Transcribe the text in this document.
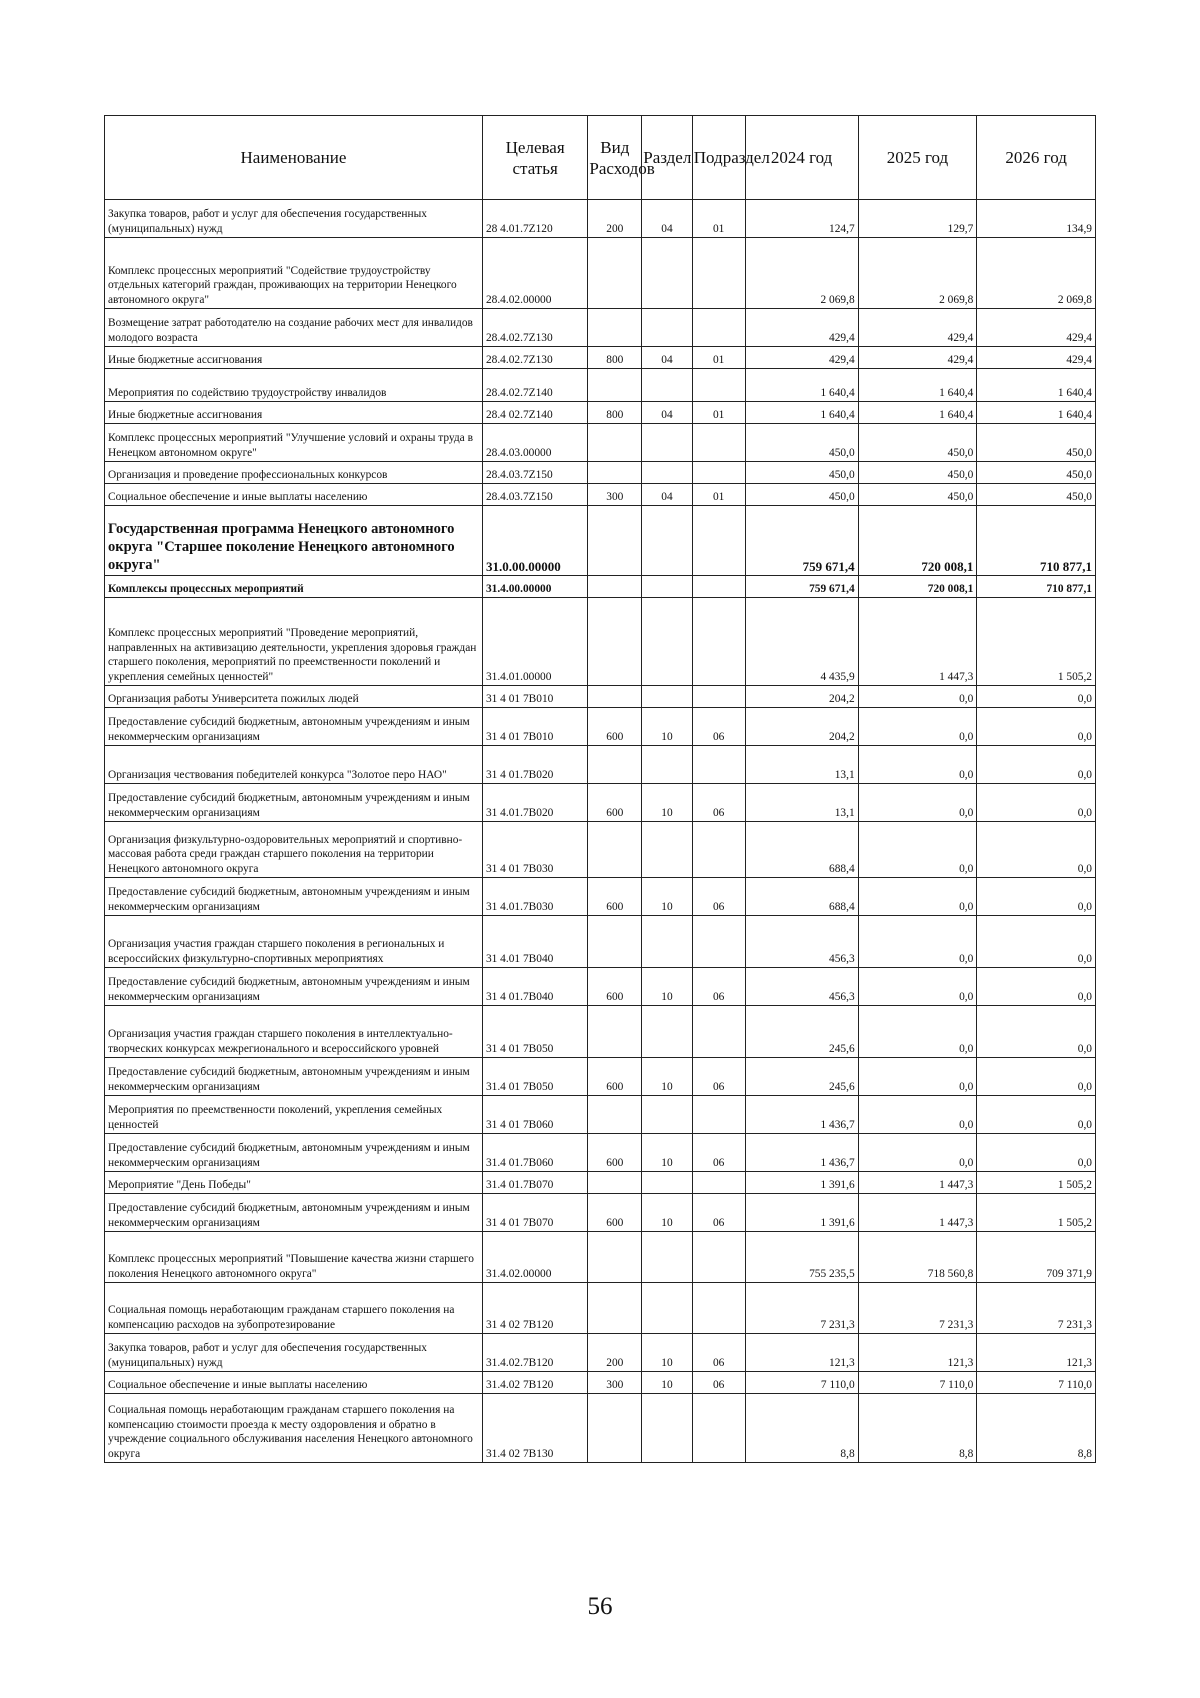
Наименование	Целевая статья	Вид Расходов	Раздел	Подраздел	2024 год	2025 год	2026 год
Закупка товаров, работ и услуг для обеспечения государственных (муниципальных) нужд	28 4.01.7Z120	200	04	01	124,7	129,7	134,9
Комплекс процессных мероприятий "Содействие трудоустройству отдельных категорий граждан, проживающих на территории Ненецкого автономного округа"	28.4.02.00000				2 069,8	2 069,8	2 069,8
Возмещение затрат работодателю на создание рабочих мест для инвалидов молодого возраста	28.4.02.7Z130				429,4	429,4	429,4
Иные бюджетные ассигнования	28.4.02.7Z130	800	04	01	429,4	429,4	429,4
Мероприятия по содействию трудоустройству инвалидов	28.4.02.7Z140				1 640,4	1 640,4	1 640,4
Иные бюджетные ассигнования	28.4 02.7Z140	800	04	01	1 640,4	1 640,4	1 640,4
Комплекс процессных мероприятий "Улучшение условий и охраны труда в Ненецком автономном округе"	28.4.03.00000				450,0	450,0	450,0
Организация и проведение профессиональных конкурсов	28.4.03.7Z150				450,0	450,0	450,0
Социальное обеспечение и иные выплаты населению	28.4.03.7Z150	300	04	01	450,0	450,0	450,0
Государственная программа Ненецкого автономного округа "Старшее поколение Ненецкого автономного округа"	31.0.00.00000				759 671,4	720 008,1	710 877,1
Комплексы процессных мероприятий	31.4.00.00000				759 671,4	720 008,1	710 877,1
Комплекс процессных мероприятий "Проведение мероприятий, направленных на активизацию деятельности, укрепления здоровья граждан старшего поколения, мероприятий по преемственности поколений и укрепления семейных ценностей"	31.4.01.00000				4 435,9	1 447,3	1 505,2
Организация работы Университета пожилых людей	31 4 01 7B010				204,2	0,0	0,0
Предоставление субсидий бюджетным, автономным учреждениям и иным некоммерческим организациям	31 4 01 7B010	600	10	06	204,2	0,0	0,0
Организация чествования победителей конкурса "Золотое перо НАО"	31 4 01.7B020				13,1	0,0	0,0
Предоставление субсидий бюджетным, автономным учреждениям и иным некоммерческим организациям	31 4.01.7B020	600	10	06	13,1	0,0	0,0
Организация физкультурно-оздоровительных мероприятий и спортивно-массовая работа среди граждан старшего поколения на территории Ненецкого автономного округа	31 4 01 7B030				688,4	0,0	0,0
Предоставление субсидий бюджетным, автономным учреждениям и иным некоммерческим организациям	31 4.01.7B030	600	10	06	688,4	0,0	0,0
Организация участия граждан старшего поколения в региональных и всероссийских физкультурно-спортивных мероприятиях	31 4.01 7B040				456,3	0,0	0,0
Предоставление субсидий бюджетным, автономным учреждениям и иным некоммерческим организациям	31 4 01.7B040	600	10	06	456,3	0,0	0,0
Организация участия граждан старшего поколения в интеллектуально-творческих конкурсах межрегионального и всероссийского уровней	31 4 01 7B050				245,6	0,0	0,0
Предоставление субсидий бюджетным, автономным учреждениям и иным некоммерческим организациям	31.4 01 7B050	600	10	06	245,6	0,0	0,0
Мероприятия по преемственности поколений, укрепления семейных ценностей	31 4 01 7B060				1 436,7	0,0	0,0
Предоставление субсидий бюджетным, автономным учреждениям и иным некоммерческим организациям	31.4 01.7B060	600	10	06	1 436,7	0,0	0,0
Мероприятие "День Победы"	31.4 01.7B070				1 391,6	1 447,3	1 505,2
Предоставление субсидий бюджетным, автономным учреждениям и иным некоммерческим организациям	31 4 01 7B070	600	10	06	1 391,6	1 447,3	1 505,2
Комплекс процессных мероприятий "Повышение качества жизни старшего поколения Ненецкого автономного округа"	31.4.02.00000				755 235,5	718 560,8	709 371,9
Социальная помощь неработающим гражданам старшего поколения на компенсацию расходов на зубопротезирование	31 4 02 7B120				7 231,3	7 231,3	7 231,3
Закупка товаров, работ и услуг для обеспечения государственных (муниципальных) нужд	31.4.02.7B120	200	10	06	121,3	121,3	121,3
Социальное обеспечение и иные выплаты населению	31.4.02 7B120	300	10	06	7 110,0	7 110,0	7 110,0
Социальная помощь неработающим гражданам старшего поколения на компенсацию стоимости проезда к месту оздоровления и обратно в учреждение социального обслуживания населения Ненецкого автономного округа	31.4 02 7B130				8,8	8,8	8,8
56
